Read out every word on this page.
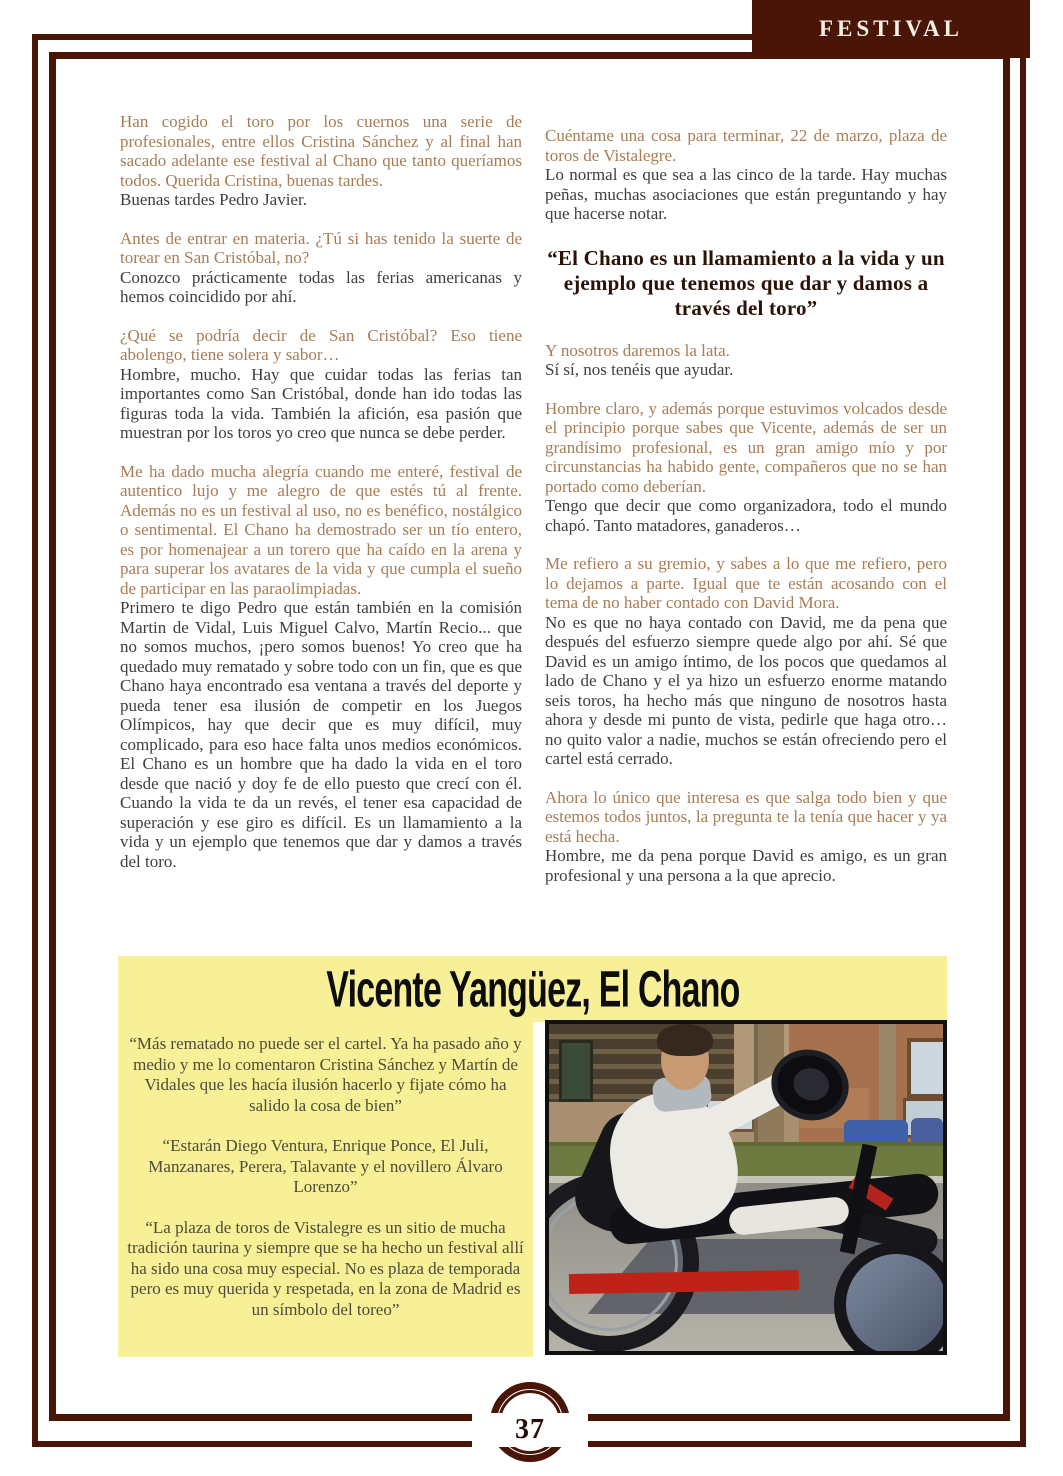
FESTIVAL

Han cogido el toro por los cuernos una serie de profesionales, entre ellos Cristina Sánchez y al final han sacado adelante ese festival al Chano que tanto queríamos todos. Querida Cristina, buenas tardes.

Buenas tardes Pedro Javier.

Antes de entrar en materia. ¿Tú si has tenido la suerte de torear en San Cristóbal, no?

Conozco prácticamente todas las ferias americanas y hemos coincidido por ahí.

¿Qué se podría decir de San Cristóbal? Eso tiene abolengo, tiene solera y sabor…

Hombre, mucho. Hay que cuidar todas las ferias tan importantes como San Cristóbal, donde han ido todas las figuras toda la vida. También la afición, esa pasión que muestran por los toros yo creo que nunca se debe perder.

Me ha dado mucha alegría cuando me enteré, festival de autentico lujo y me alegro de que estés tú al frente. Además no es un festival al uso, no es benéfico, nostálgico o sentimental. El Chano ha demostrado ser un tío entero, es por homenajear a un torero que ha caído en la arena y para superar los avatares de la vida y que cumpla el sueño de participar en las paraolimpiadas.

Primero te digo Pedro que están también en la comisión Martin de Vidal, Luis Miguel Calvo, Martín Recio... que no somos muchos, ¡pero somos buenos! Yo creo que ha quedado muy rematado y sobre todo con un fin, que es que Chano haya encontrado esa ventana a través del deporte y pueda tener esa ilusión de competir en los Juegos Olímpicos, hay que decir que es muy difícil, muy complicado, para eso hace falta unos medios económicos. El Chano es un hombre que ha dado la vida en el toro desde que nació y doy fe de ello puesto que crecí con él. Cuando la vida te da un revés, el tener esa capacidad de superación y ese giro es difícil. Es un llamamiento a la vida y un ejemplo que tenemos que dar y damos a través del toro.

Cuéntame una cosa para terminar, 22 de marzo, plaza de toros de Vistalegre.

Lo normal es que sea a las cinco de la tarde. Hay muchas peñas, muchas asociaciones que están preguntando y hay que hacerse notar.

“El Chano es un llamamiento a la vida y un ejemplo que tenemos que dar y damos a través del toro”

Y nosotros daremos la lata.

Sí sí, nos tenéis que ayudar.

Hombre claro, y además porque estuvimos volcados desde el principio porque sabes que Vicente, además de ser un grandísimo profesional, es un gran amigo mío y por circunstancias ha habido gente, compañeros que no se han portado como deberían.

Tengo que decir que como organizadora, todo el mundo chapó. Tanto matadores, ganaderos…

Me refiero a su gremio, y sabes a lo que me refiero, pero lo dejamos a parte. Igual que te están acosando con el tema de no haber contado con David Mora.

No es que no haya contado con David, me da pena que después del esfuerzo siempre quede algo por ahí. Sé que David es un amigo íntimo, de los pocos que quedamos al lado de Chano y el ya hizo un esfuerzo enorme matando seis toros, ha hecho más que ninguno de nosotros hasta ahora y desde mi punto de vista, pedirle que haga otro… no quito valor a nadie, muchos se están ofreciendo pero el cartel está cerrado.

Ahora lo único que interesa es que salga todo bien y que estemos todos juntos, la pregunta te la tenía que hacer y ya está hecha.

Hombre, me da pena porque David es amigo, es un gran profesional y una persona a la que aprecio.

Vicente Yangüez, El Chano

“Más rematado no puede ser el cartel. Ya ha pasado año y medio y me lo comentaron Cristina Sánchez y Martín de Vidales que les hacía ilusión hacerlo y fijate cómo ha salido la cosa de bien”

“Estarán Diego Ventura, Enrique Ponce, El Juli, Manzanares, Perera, Talavante y el novillero Álvaro Lorenzo”

“La plaza de toros de Vistalegre es un sitio de mucha tradición taurina y siempre que se ha hecho un festival allí ha sido una cosa muy especial. No es plaza de temporada pero es muy querida y respetada, en la zona de Madrid es un símbolo del toreo”

37
